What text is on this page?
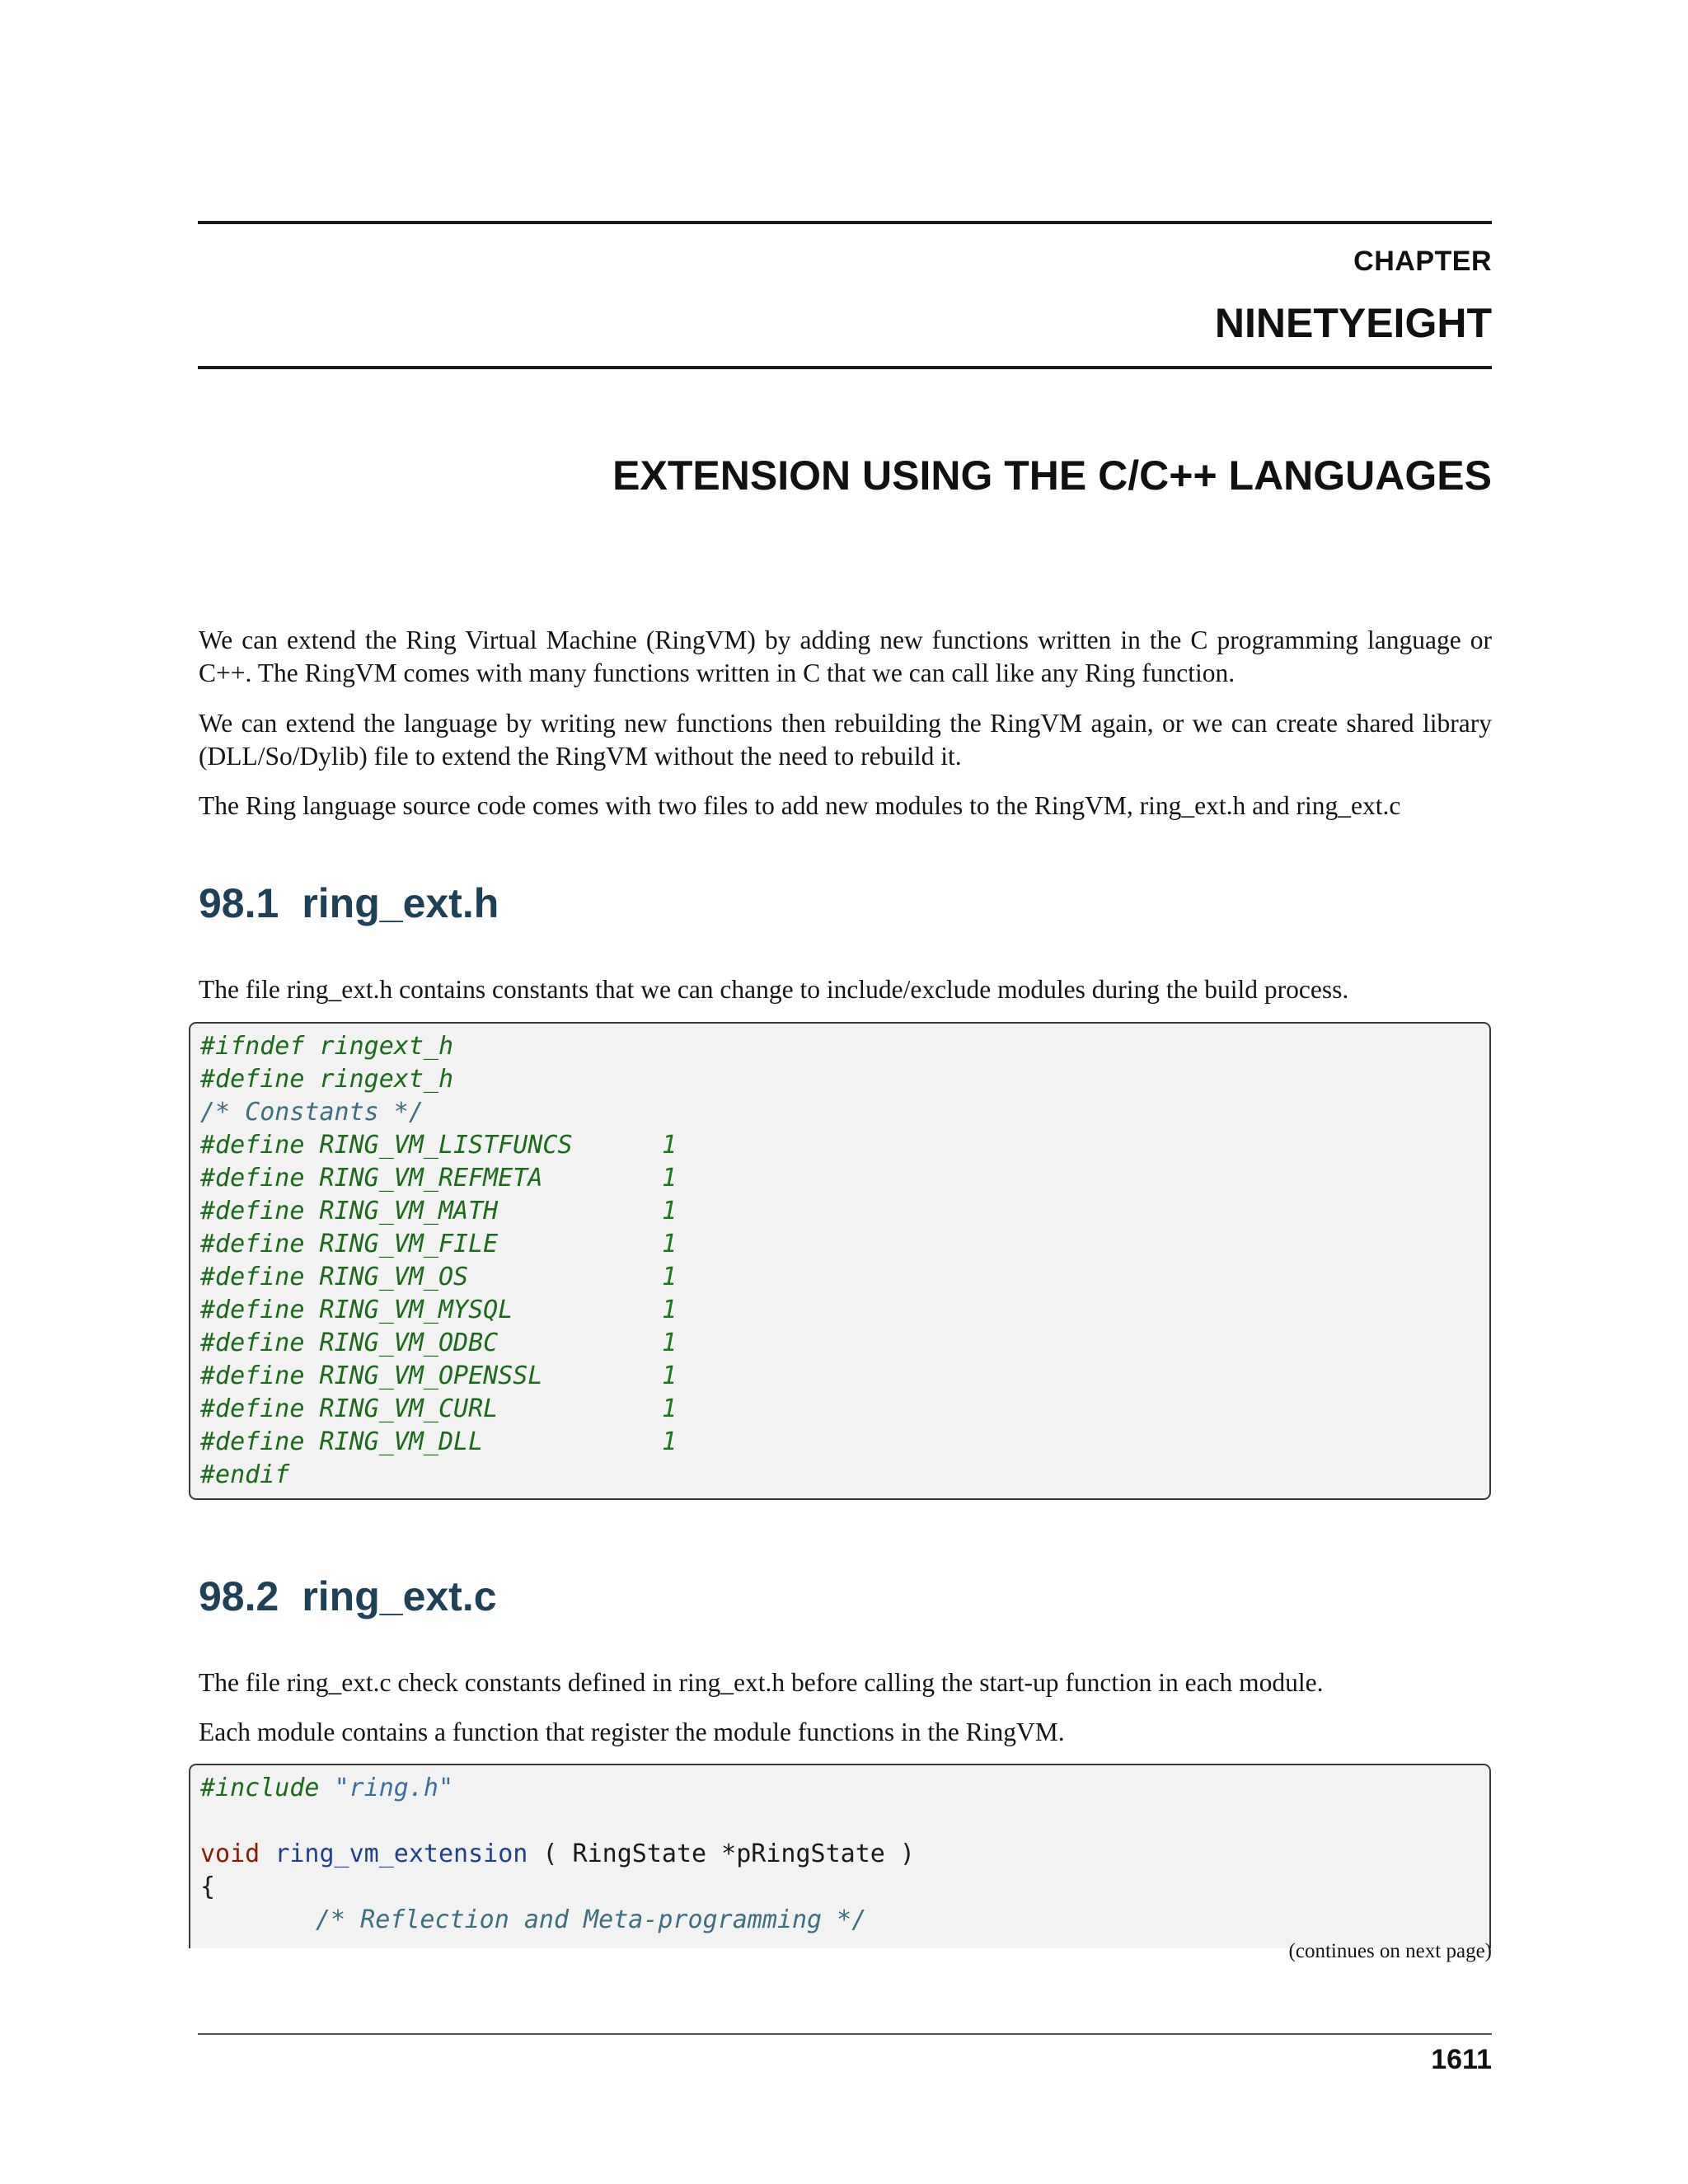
CHAPTER
NINETYEIGHT
EXTENSION USING THE C/C++ LANGUAGES

We can extend the Ring Virtual Machine (RingVM) by adding new functions written in the C programming language or C++. The RingVM comes with many functions written in C that we can call like any Ring function.

We can extend the language by writing new functions then rebuilding the RingVM again, or we can create shared library (DLL/So/Dylib) file to extend the RingVM without the need to rebuild it.

The Ring language source code comes with two files to add new modules to the RingVM, ring_ext.h and ring_ext.c

98.1 ring_ext.h

The file ring_ext.h contains constants that we can change to include/exclude modules during the build process.

#ifndef ringext_h
#define ringext_h
/* Constants */
#define RING_VM_LISTFUNCS	1
#define RING_VM_REFMETA	1
#define RING_VM_MATH	1
#define RING_VM_FILE	1
#define RING_VM_OS	1
#define RING_VM_MYSQL	1
#define RING_VM_ODBC	1
#define RING_VM_OPENSSL	1
#define RING_VM_CURL	1
#define RING_VM_DLL	1
#endif
98.2 ring_ext.c

The file ring_ext.c check constants defined in ring_ext.h before calling the start-up function in each module.

Each module contains a function that register the module functions in the RingVM.

#include "ring.h"
void ring_vm_extension ( RingState *pRingState )
{
/* Reflection and Meta-programming */
(continues on next page)
1611
